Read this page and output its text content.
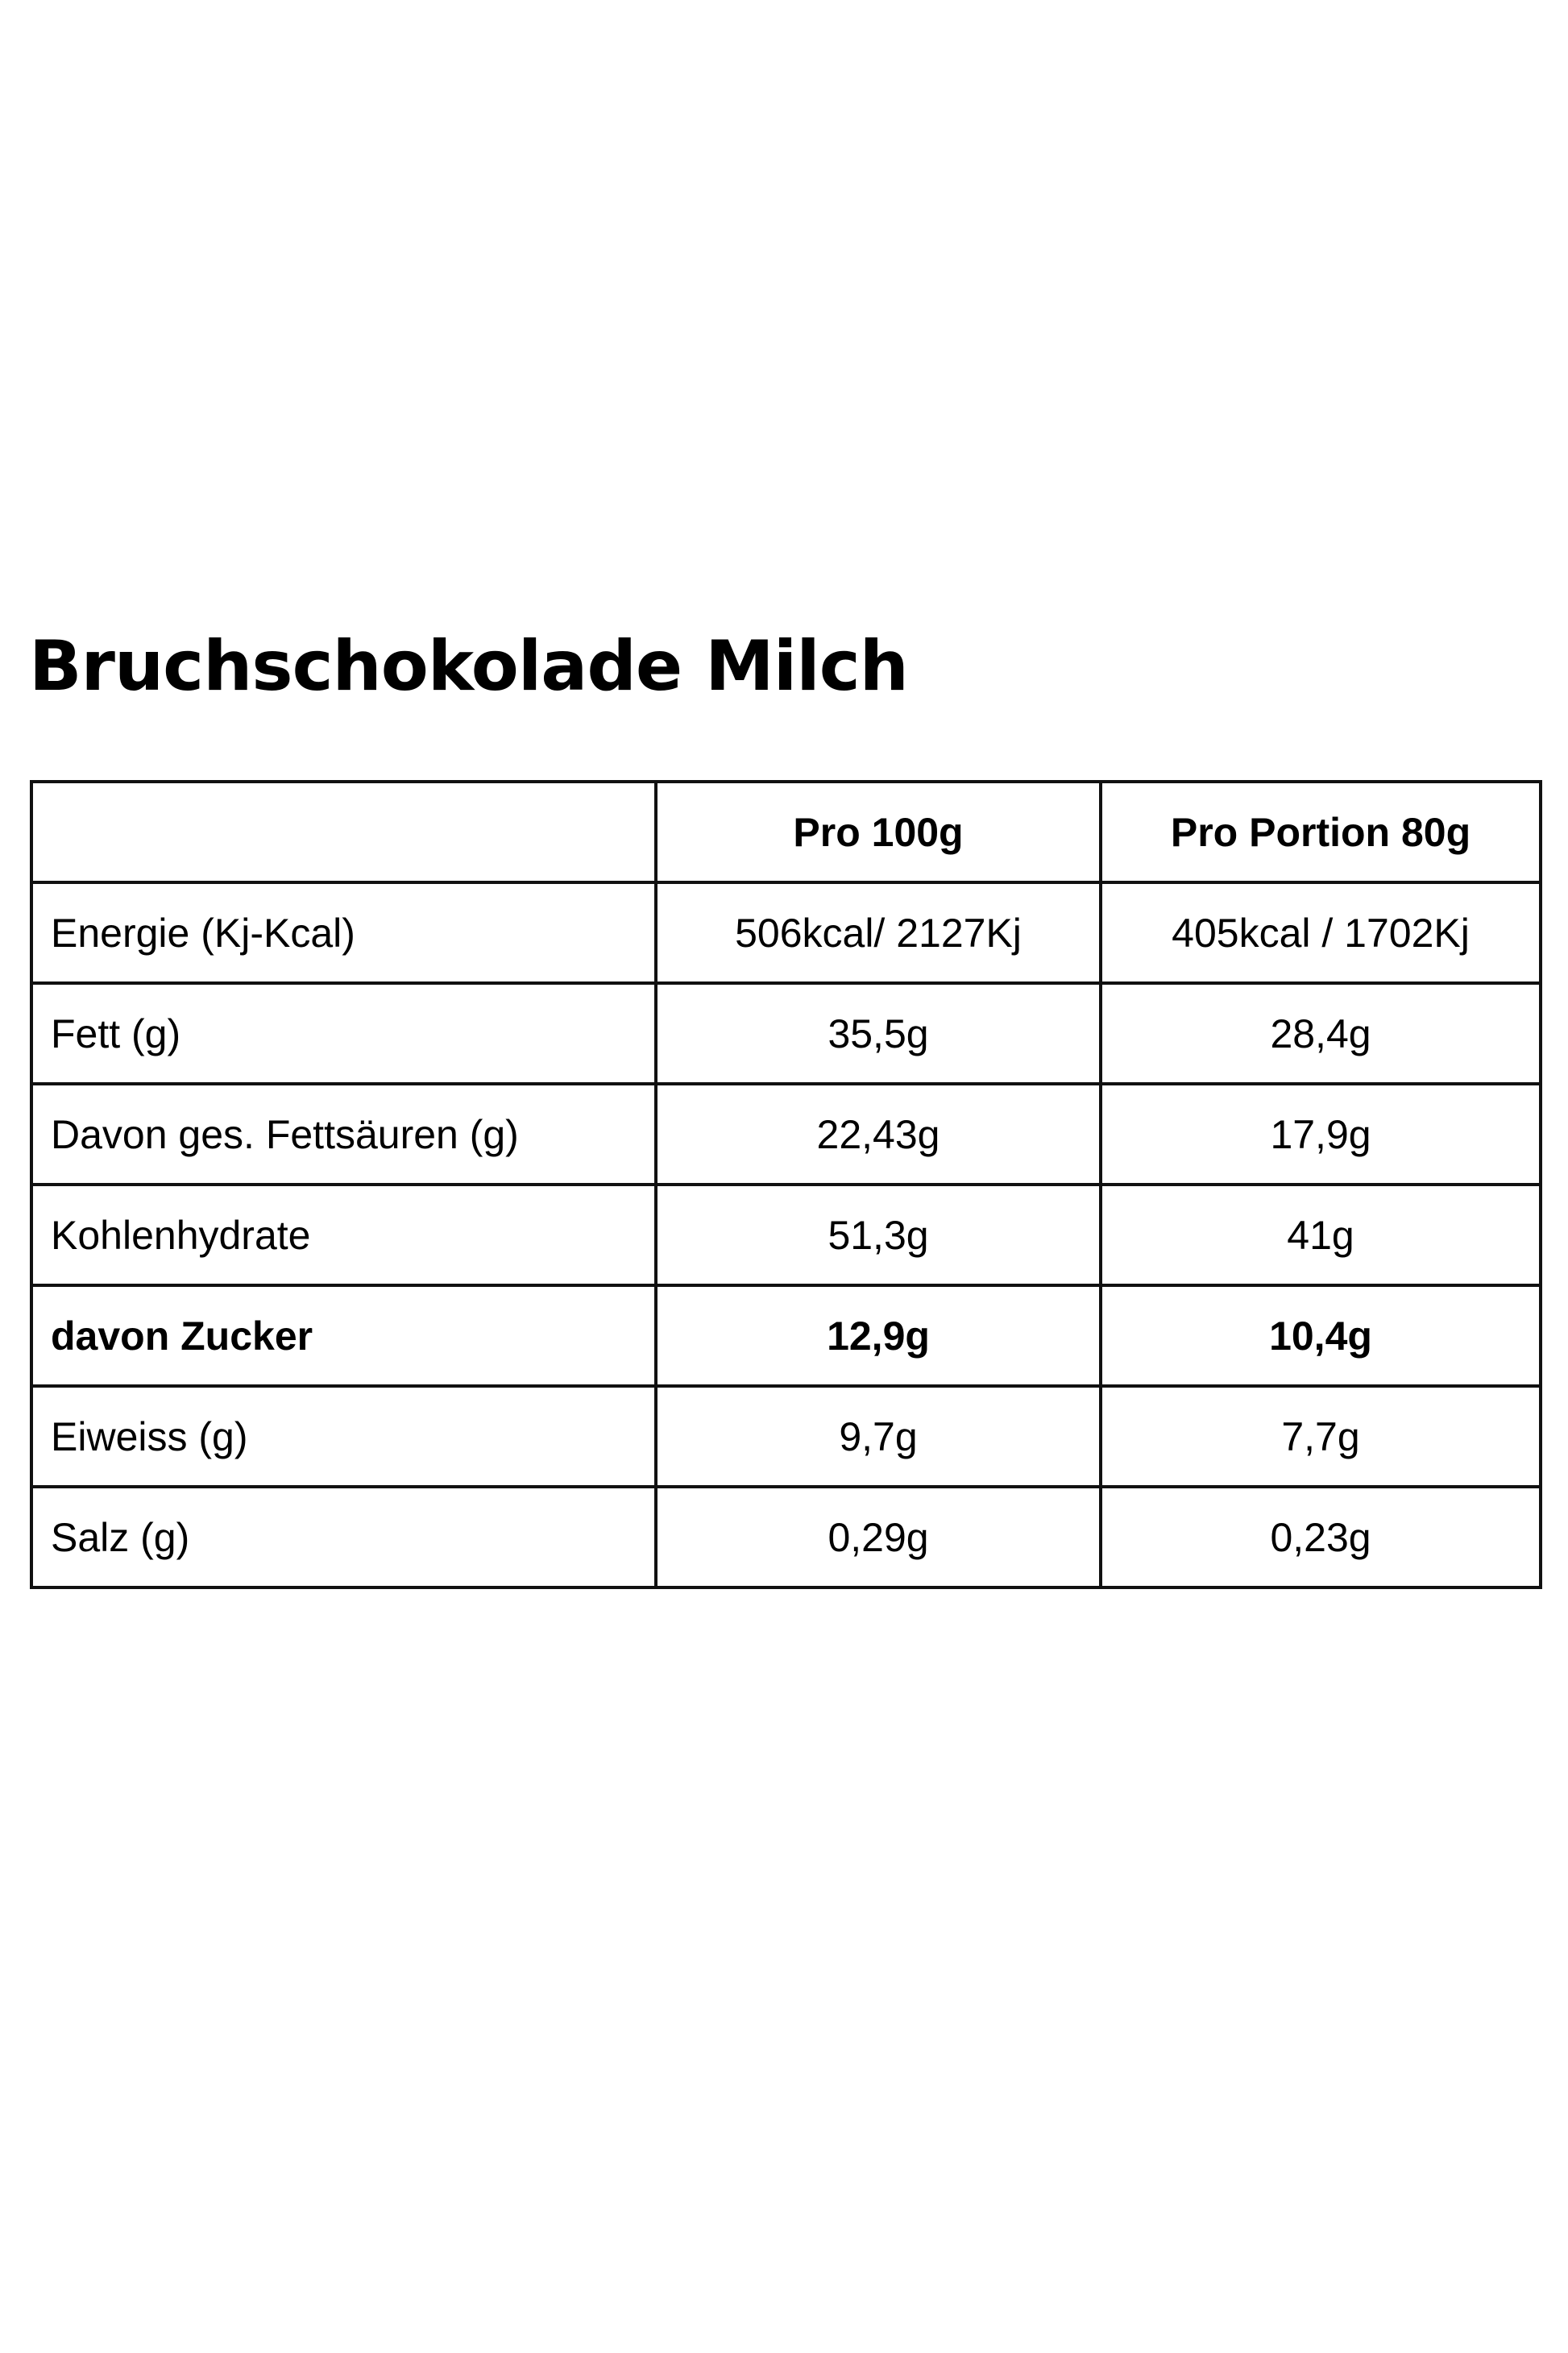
Bruchschokolade Milch
	Pro 100g	Pro Portion 80g
Energie (Kj-Kcal)	506kcal/ 2127Kj	405kcal / 1702Kj
Fett (g)	35,5g	28,4g
Davon ges. Fettsäuren (g)	22,43g	17,9g
Kohlenhydrate	51,3g	41g
davon Zucker	12,9g	10,4g
Eiweiss (g)	9,7g	7,7g
Salz (g)	0,29g	0,23g
